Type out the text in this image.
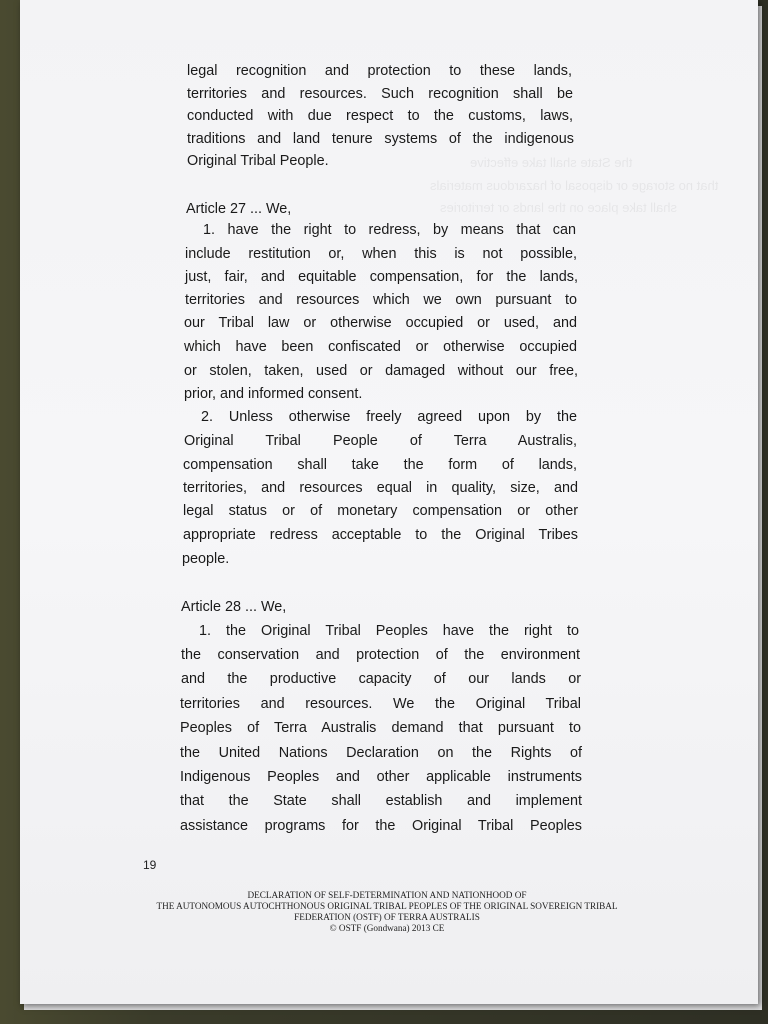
the State shall take effective
that no storage or disposal of hazardous materials
shall take place on the lands or territories
legal recognition and protection to these lands,
territories and resources. Such recognition shall be
conducted with due respect to the customs, laws,
traditions and land tenure systems of the indigenous
Original Tribal People.
Article 27 ... We,
1. have the right to redress, by means that can
include restitution or, when this is not possible,
just, fair, and equitable compensation, for the lands,
territories and resources which we own pursuant to
our Tribal law or otherwise occupied or used, and
which have been confiscated or otherwise occupied
or stolen, taken, used or damaged without our free,
prior, and informed consent.
2. Unless otherwise freely agreed upon by the
Original Tribal People of Terra Australis,
compensation shall take the form of lands,
territories, and resources equal in quality, size, and
legal status or of monetary compensation or other
appropriate redress acceptable to the Original Tribes
people.
Article 28 ... We,
1. the Original Tribal Peoples have the right to
the conservation and protection of the environment
and the productive capacity of our lands or
territories and resources. We the Original Tribal
Peoples of Terra Australis demand that pursuant to
the United Nations Declaration on the Rights of
Indigenous Peoples and other applicable instruments
that the State shall establish and implement
assistance programs for the Original Tribal Peoples
19
DECLARATION OF SELF-DETERMINATION AND NATIONHOOD OF
THE AUTONOMOUS AUTOCHTHONOUS ORIGINAL TRIBAL PEOPLES OF THE ORIGINAL SOVEREIGN TRIBAL
FEDERATION (OSTF) OF TERRA AUSTRALIS
© OSTF (Gondwana) 2013 CE
